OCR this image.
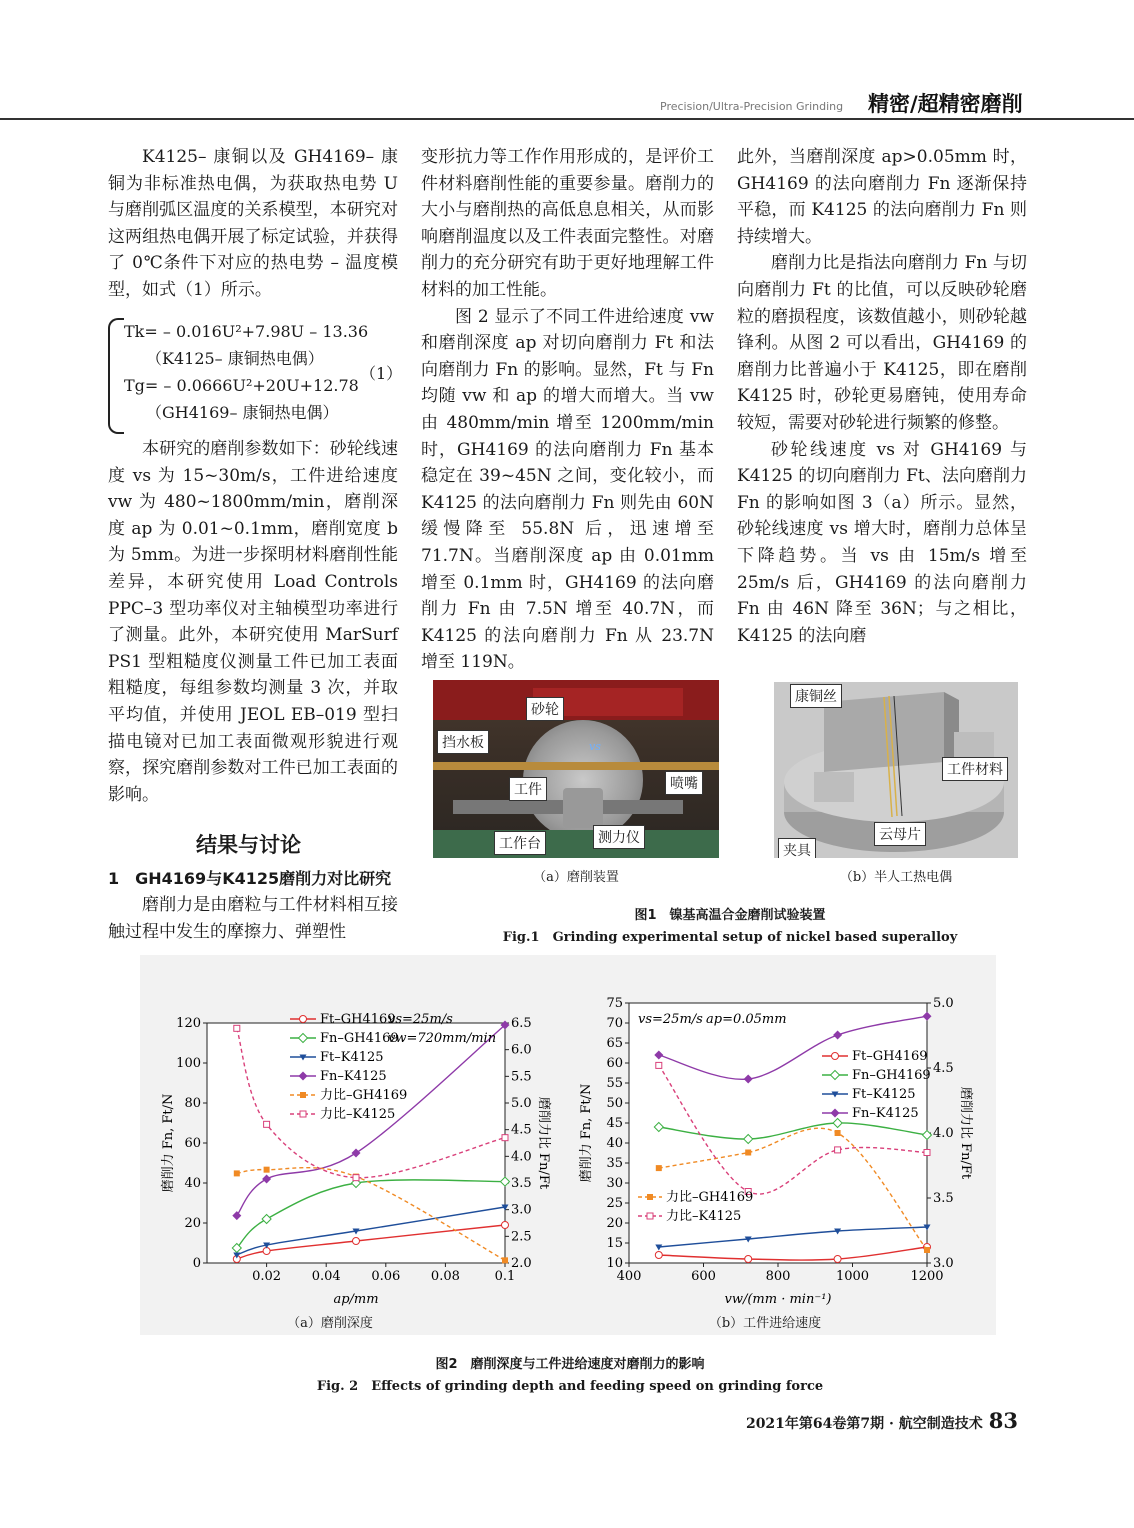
Precision/Ultra-Precision Grinding 精密/超精密磨削

K4125– 康铜以及 GH4169– 康铜为非标准热电偶，为获取热电势 U 与磨削弧区温度的关系模型，本研究对这两组热电偶开展了标定试验，并获得了 0℃条件下对应的热电势 – 温度模型，如式（1）所示。

Tk= – 0.016U²+7.98U – 13.36
（K4125– 康铜热电偶）
Tg= – 0.0666U²+20U+12.78
（GH4169– 康铜热电偶）
（1）

本研究的磨削参数如下：砂轮线速度 vs 为 15~30m/s，工件进给速度 vw 为 480~1800mm/min，磨削深度 ap 为 0.01~0.1mm，磨削宽度 b 为 5mm。为进一步探明材料磨削性能差异，本研究使用 Load Controls PPC–3 型功率仪对主轴模型功率进行了测量。此外，本研究使用 MarSurf PS1 型粗糙度仪测量工件已加工表面粗糙度，每组参数均测量 3 次，并取平均值，并使用 JEOL EB–019 型扫描电镜对已加工表面微观形貌进行观察，探究磨削参数对工件已加工表面的影响。

结果与讨论
1　GH4169与K4125磨削力对比研究

磨削力是由磨粒与工件材料相互接触过程中发生的摩擦力、弹塑性

变形抗力等工作作用形成的，是评价工件材料磨削性能的重要参量。磨削力的大小与磨削热的高低息息相关，从而影响磨削温度以及工件表面完整性。对磨削力的充分研究有助于更好地理解工件材料的加工性能。

图 2 显示了不同工件进给速度 vw 和磨削深度 ap 对切向磨削力 Ft 和法向磨削力 Fn 的影响。显然，Ft 与 Fn 均随 vw 和 ap 的增大而增大。当 vw 由 480mm/min 增至 1200mm/min 时，GH4169 的法向磨削力 Fn 基本稳定在 39~45N 之间，变化较小，而 K4125 的法向磨削力 Fn 则先由 60N 缓慢降至 55.8N 后，迅速增至 71.7N。当磨削深度 ap 由 0.01mm 增至 0.1mm 时，GH4169 的法向磨削力 Fn 由 7.5N 增至 40.7N，而 K4125 的法向磨削力 Fn 从 23.7N 增至 119N。

此外，当磨削深度 ap>0.05mm 时，GH4169 的法向磨削力 Fn 逐渐保持平稳，而 K4125 的法向磨削力 Fn 则持续增大。

磨削力比是指法向磨削力 Fn 与切向磨削力 Ft 的比值，可以反映砂轮磨粒的磨损程度，该数值越小，则砂轮越锋利。从图 2 可以看出，GH4169 的磨削力比普遍小于 K4125，即在磨削 K4125 时，砂轮更易磨钝，使用寿命较短，需要对砂轮进行频繁的修整。

砂轮线速度 vs 对 GH4169 与 K4125 的切向磨削力 Ft、法向磨削力 Fn 的影响如图 3（a）所示。显然，砂轮线速度 vs 增大时，磨削力总体呈下降趋势。当 vs 由 15m/s 增至 25m/s 后，GH4169 的法向磨削力 Fn 由 46N 降至 36N；与之相比，K4125 的法向磨

砂轮
挡水板
工件	喷嘴
测力仪
工作台
vs
康铜丝
工件材料
云母片
夹具
（a）磨削装置	（b）半人工热电偶
图1　镍基高温合金磨削试验装置
Fig.1　Grinding experimental setup of nickel based superalloy
0.02 0.04 0.06 0.08	0.1
0
20
40
60
80
100
120
2.0
2.5
3.0
3.5
4.0
4.5
5.0
5.5
6.0
6.5
ap/mm
磨削力 Fn, Ft/N	磨削力比 Fn/Ft
Ft–GH4169
Fn–GH4169
Ft–K4125
Fn–K4125
力比–GH4169
力比–K4125
vs=25m/s
vw=720mm/min
400	600	800	1000	1200
10
15
20
25
30
35
40
45
50
55
60
65
70
75
3.0
3.5
4.0
4.5
5.0
vw/(mm · min⁻¹)
磨削力 Fn, Ft/N	磨削力比 Fn/Ft
Ft–GH4169
Fn–GH4169
Ft–K4125
Fn–K4125
vs=25m/s ap=0.05mm
力比–GH4169
力比–K4125
（a）磨削深度	（b）工件进给速度
图2　磨削深度与工件进给速度对磨削力的影响
Fig. 2　Effects of grinding depth and feeding speed on grinding force
2021年第64卷第7期 · 航空制造技术 83
